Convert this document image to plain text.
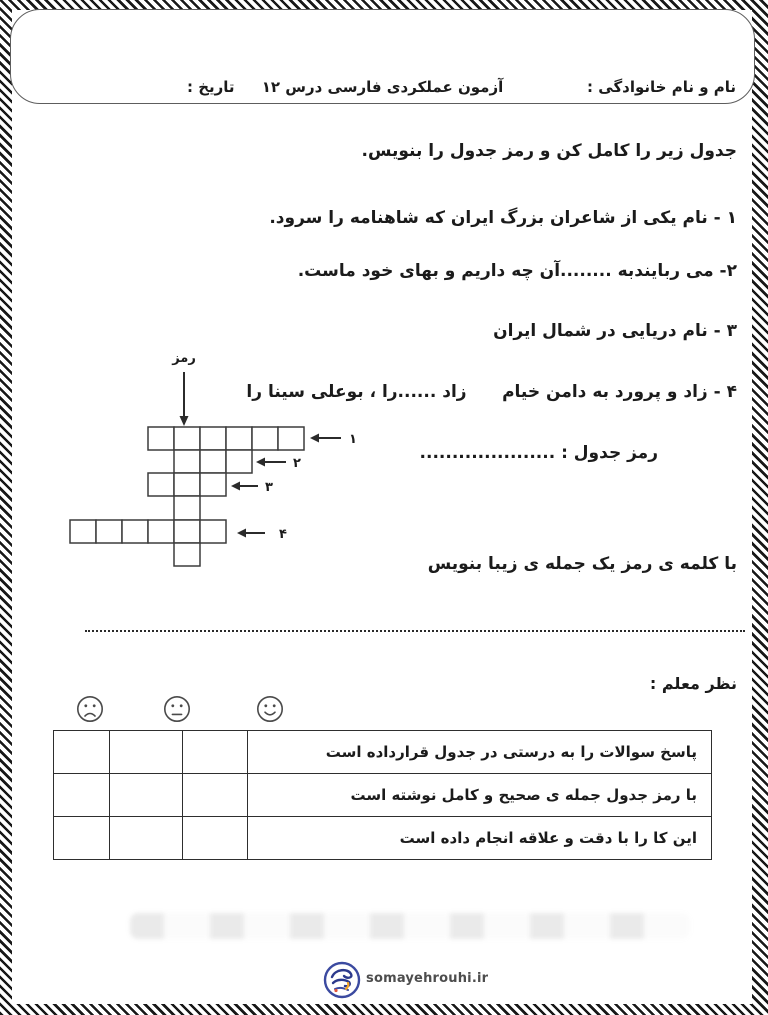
نام و نام خانوادگی :
آزمون عملکردی فارسی درس ۱۲
تاریخ :
جدول زیر را کامل کن و رمز جدول را بنویس.
۱ - نام یکی از شاعران بزرگ ایران که شاهنامه را سرود.
۲- می ربایندبه ........آن چه داریم و بهای خود ماست.
۳ - نام دریایی در شمال ایران
۴ - زاد و پرورد به دامن خیام      زاد ......را ، بوعلی سینا را
رمز جدول : .....................
با کلمه ی رمز یک جمله ی زیبا بنویس
رمز
۱
۲
۳
۴
نظر معلم :
			پاسخ سوالات را به درستی در جدول قرارداده است
			با رمز جدول جمله ی صحیح و کامل نوشته است
			این کا را با دقت و علاقه انجام داده است
somayehrouhi.ir
